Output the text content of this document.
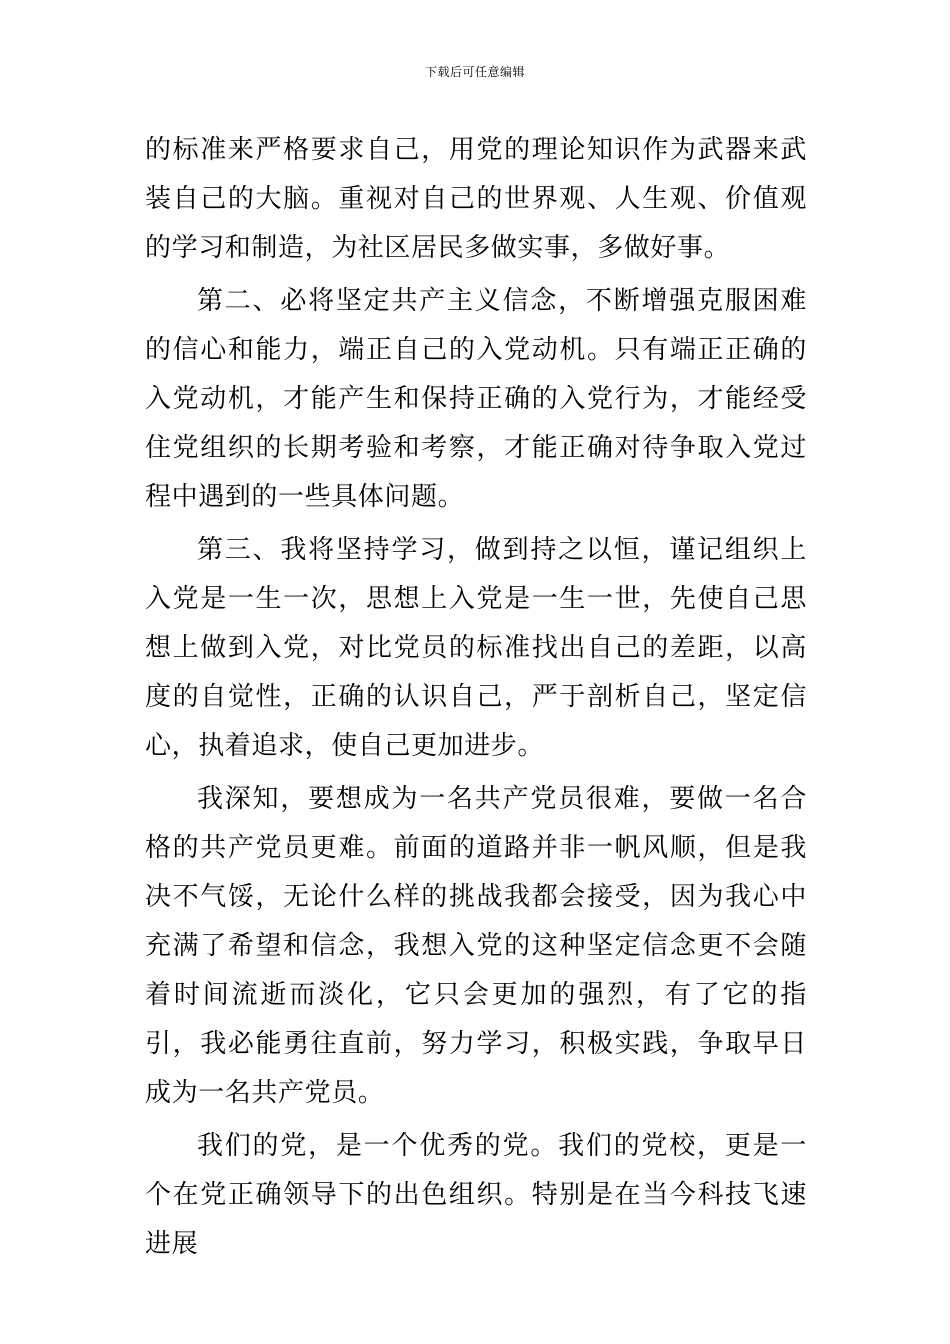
下载后可任意编辑

的标准来严格要求自己，用党的理论知识作为武器来武装自己的大脑。重视对自己的世界观、人生观、价值观的学习和制造，为社区居民多做实事，多做好事。

第二、必将坚定共产主义信念，不断增强克服困难的信心和能力，端正自己的入党动机。只有端正正确的入党动机，才能产生和保持正确的入党行为，才能经受住党组织的长期考验和考察，才能正确对待争取入党过程中遇到的一些具体问题。

第三、我将坚持学习，做到持之以恒，谨记组织上入党是一生一次，思想上入党是一生一世，先使自己思想上做到入党，对比党员的标准找出自己的差距，以高度的自觉性，正确的认识自己，严于剖析自己，坚定信心，执着追求，使自己更加进步。

我深知，要想成为一名共产党员很难，要做一名合格的共产党员更难。前面的道路并非一帆风顺，但是我决不气馁，无论什么样的挑战我都会接受，因为我心中充满了希望和信念，我想入党的这种坚定信念更不会随着时间流逝而淡化，它只会更加的强烈，有了它的指引，我必能勇往直前，努力学习，积极实践，争取早日成为一名共产党员。

我们的党，是一个优秀的党。我们的党校，更是一个在党正确领导下的出色组织。特别是在当今科技飞速进展
